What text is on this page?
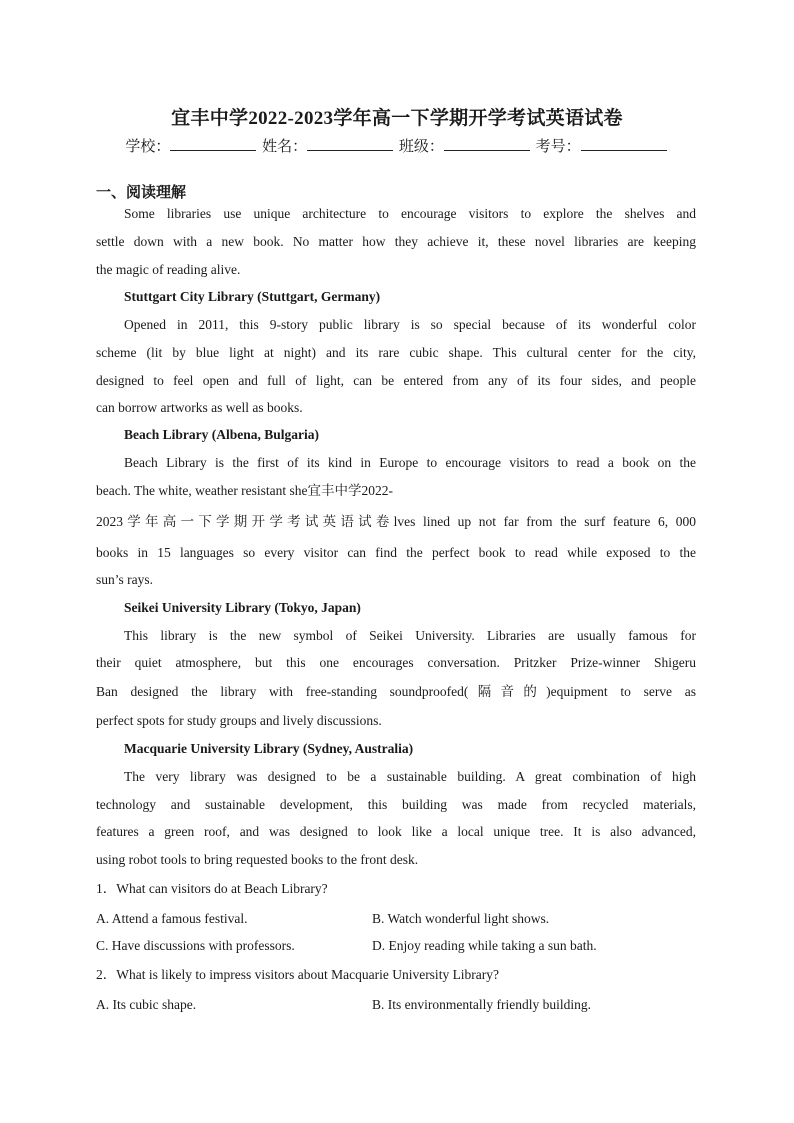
宜丰中学2022-2023学年高一下学期开学考试英语试卷
学校：	姓名：	班级：	考号：
一、阅读理解
Some libraries use unique architecture to encourage visitors to explore the shelves and
settle down with a new book. No matter how they achieve it, these novel libraries are keeping
the magic of reading alive.
Stuttgart City Library (Stuttgart, Germany)
Opened in 2011, this 9-story public library is so special because of its wonderful color
scheme (lit by blue light at night) and its rare cubic shape. This cultural center for the city,
designed to feel open and full of light, can be entered from any of its four sides, and people
can borrow artworks as well as books.
Beach Library (Albena, Bulgaria)
Beach Library is the first of its kind in Europe to encourage visitors to read a book on the
beach. The white, weather resistant she宜丰中学2022-
2023学年高一下学期开学考试英语试卷lves lined up not far from the surf feature 6, 000
books in 15 languages so every visitor can find the perfect book to read while exposed to the
sun’s rays.
Seikei University Library (Tokyo, Japan)
This library is the new symbol of Seikei University. Libraries are usually famous for
their quiet atmosphere, but this one encourages conversation. Pritzker Prize-winner Shigeru
Ban designed the library with free-standing soundproofed(隔音的)equipment to serve as
perfect spots for study groups and lively discussions.
Macquarie University Library (Sydney, Australia)
The very library was designed to be a sustainable building. A great combination of high
technology and sustainable development, this building was made from recycled materials,
features a green roof, and was designed to look like a local unique tree. It is also advanced,
using robot tools to bring requested books to the front desk.
1．What can visitors do at Beach Library?
A. Attend a famous festival.	B. Watch wonderful light shows.
C. Have discussions with professors.	D. Enjoy reading while taking a sun bath.
2．What is likely to impress visitors about Macquarie University Library?
A. Its cubic shape.	B. Its environmentally friendly building.
